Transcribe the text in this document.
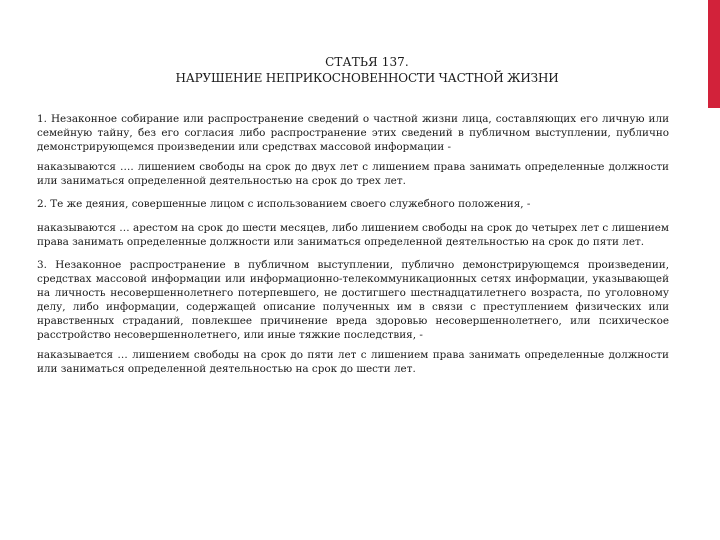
СТАТЬЯ 137.
НАРУШЕНИЕ НЕПРИКОСНОВЕННОСТИ ЧАСТНОЙ ЖИЗНИ

1. Незаконное собирание или распространение сведений о частной жизни лица, составляющих его личную или семейную тайну, без его согласия либо распространение этих сведений в публичном выступлении, публично демонстрирующемся произведении или средствах массовой информации -

наказываются …. лишением свободы на срок до двух лет с лишением права занимать определенные должности или заниматься определенной деятельностью на срок до трех лет.

2. Те же деяния, совершенные лицом с использованием своего служебного положения, -

наказываются … арестом на срок до шести месяцев, либо лишением свободы на срок до четырех лет с лишением права занимать определенные должности или заниматься определенной деятельностью на срок до пяти лет.

3. Незаконное распространение в публичном выступлении, публично демонстрирующемся произведении, средствах массовой информации или информационно-телекоммуникационных сетях информации, указывающей на личность несовершеннолетнего потерпевшего, не достигшего шестнадцатилетнего возраста, по уголовному делу, либо информации, содержащей описание полученных им в связи с преступлением физических или нравственных страданий, повлекшее причинение вреда здоровью несовершеннолетнего, или психическое расстройство несовершеннолетнего, или иные тяжкие последствия, -

наказывается … лишением свободы на срок до пяти лет с лишением права занимать определенные должности или заниматься определенной деятельностью на срок до шести лет.
